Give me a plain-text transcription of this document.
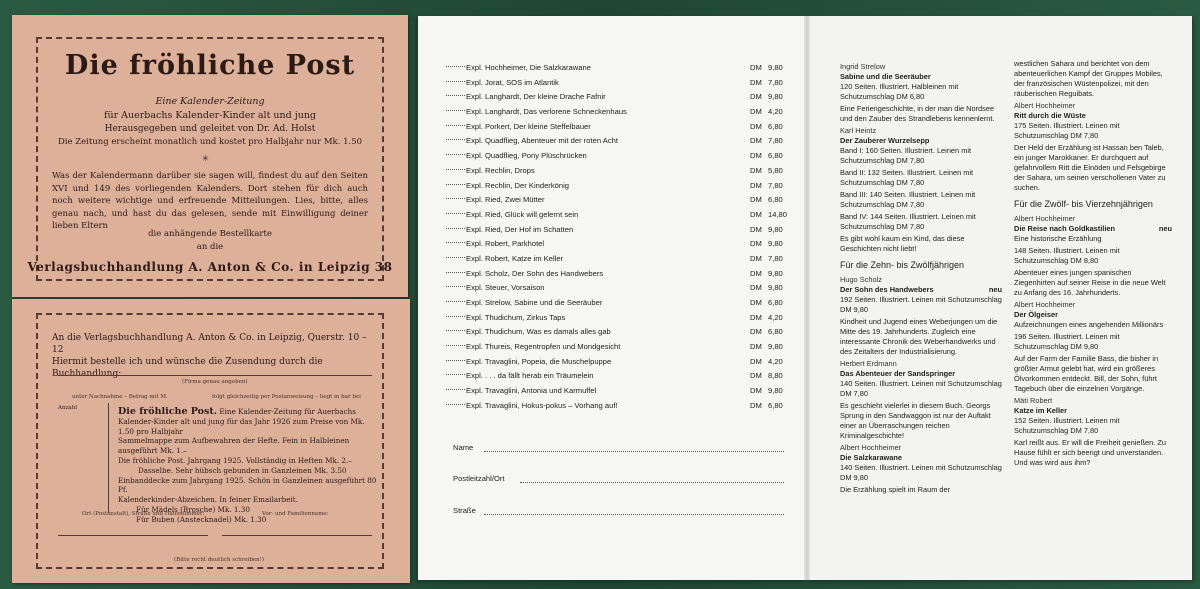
Die fröhliche Post
Eine Kalender-Zeitung
für Auerbachs Kalender-Kinder alt und jung
Herausgegeben und geleitet von Dr. Ad. Holst
Die Zeitung erscheint monatlich und kostet pro Halbjahr nur Mk. 1.50
✳
Was der Kalendermann darüber sie sagen will, findest du auf den Seiten XVI und 149 des vorliegenden Kalenders. Dort stehen für dich auch noch weitere wichtige und erfreuende Mitteilungen. Lies, bitte, alles genau nach, und hast du das gelesen, sende mit Einwilligung deiner lieben Eltern
die anhängende Bestellkarte
an die
Verlagsbuchhandlung A. Anton & Co. in Leipzig 38
An die Verlagsbuchhandlung A. Anton & Co. in Leipzig, Querstr. 10 – 12
Hiermit bestelle ich und wünsche die Zusendung durch die Buchhandlung:
(Firma genau angeben)
unter Nachnahme – Betrag mit M.	folgt gleichzeitig per Postanweisung – liegt in bar bei
Anzahl	Die fröhliche Post. Eine Kalender-Zeitung für Auerbachs Kalender-Kinder alt und jung für das Jahr 1926 zum Preise von Mk. 1.50 pro Halbjahr
Sammelmappe zum Aufbewahren der Hefte. Fein in Halbleinen ausgeführt Mk. 1.–
Die fröhliche Post. Jahrgang 1925. Vollständig in Heften Mk. 2.–
Dasselbe. Sehr hübsch gebunden in Ganzleinen Mk. 3.50
Einbanddecke zum Jahrgang 1925. Schön in Ganzleinen ausgeführt 80 Pf.
Kalenderkinder-Abzeichen. In feiner Emailarbeit.
Für Mädels (Brosche) Mk. 1.30
Für Buben (Anstecknadel) Mk. 1.30
Ort (Postanstalt), Straße und Hausnummer:	Vor- und Familienname:
(Bitte recht deutlich schreiben!)
Expl. Hochheimer, Die Salzkarawane	DM 9,80
Expl. Jorat, SOS im Atlantik	DM 7,80
Expl. Langhardt, Der kleine Drache Fafnir	DM 9,80
Expl. Langhardt, Das verlorene Schneckenhaus	DM 4,20
Expl. Porkert, Der kleine Steffelbauer	DM 6,80
Expl. Quadflieg, Abenteuer mit der roten Acht	DM 7,80
Expl. Quadflieg, Pony Plüschrücken	DM 6,80
Expl. Rechlin, Drops	DM 5,80
Expl. Rechlin, Der Kinderkönig	DM 7,80
Expl. Ried, Zwei Mütter	DM 6,80
Expl. Ried, Glück will gelernt sein	DM 14,80
Expl. Ried, Der Hof im Schatten	DM 9,80
Expl. Robert, Parkhotel	DM 9,80
Expl. Robert, Katze im Keller	DM 7,80
Expl. Scholz, Der Sohn des Handwebers	DM 9,80
Expl. Steuer, Vorsaison	DM 9,80
Expl. Strelow, Sabine und die Seeräuber	DM 6,80
Expl. Thudichum, Zirkus Taps	DM 4,20
Expl. Thudichum, Was es damals alles gab	DM 6,80
Expl. Thureis, Regentropfen und Mondgesicht	DM 9,80
Expl. Travaglini, Popeia, die Muschelpuppe	DM 4,20
Expl. . . . da fällt herab ein Träumelein	DM 8,80
Expl. Travaglini, Antonia und Karmuffel	DM 9,80
Expl. Travaglini, Hokus-pokus – Vorhang auf!	DM 6,80
Name
Postleitzahl/Ort
Straße
Ingrid Strelow
Sabine und die Seeräuber
120 Seiten. Illustriert. Halbleinen mit Schutzumschlag DM 6,80
Eine Feriengeschichte, in der man die Nordsee und den Zauber des Strandlebens kennenlernt.
Karl Heintz
Der Zauberer Wurzelsepp
Band I: 160 Seiten. Illustriert. Leinen mit Schutzumschlag DM 7,80
Band II: 132 Seiten. Illustriert. Leinen mit Schutzumschlag DM 7,80
Band III: 140 Seiten. Illustriert. Leinen mit Schutzumschlag DM 7,80
Band IV: 144 Seiten. Illustriert. Leinen mit Schutzumschlag DM 7,80
Es gibt wohl kaum ein Kind, das diese Geschichten nicht liebt!
Für die Zehn- bis Zwölfjährigen
Hugo Scholz
neu
Der Sohn des Handwebers
192 Seiten. Illustriert. Leinen mit Schutzumschlag DM 9,80
Kindheit und Jugend eines Weberjungen um die Mitte des 19. Jahrhunderts. Zugleich eine interessante Chronik des Weberhandwerks und des Zeitalters der Industrialisierung.
Herbert Erdmann
Das Abenteuer der Sandspringer
140 Seiten. Illustriert. Leinen mit Schutzumschlag DM 7,80
Es geschieht vielerlei in diesem Buch. Georgs Sprung in den Sandwaggon ist nur der Auftakt einer an Überraschungen reichen Kriminalgeschichte!
Albert Hochheimer
Die Salzkarawane
140 Seiten. Illustriert. Leinen mit Schutzumschlag DM 9,80
Die Erzählung spielt im Raum der
westlichen Sahara und berichtet von dem abenteuerlichen Kampf der Gruppes Mobiles, der französischen Wüstenpolizei, mit den räuberischen Reguibats.
Albert Hochheimer
Ritt durch die Wüste
175 Seiten. Illustriert. Leinen mit Schutzumschlag DM 7,80
Der Held der Erzählung ist Hassan ben Taleb, ein junger Marokkaner. Er durchquert auf gefahrvollem Ritt die Einöden und Felsgebirge der Sahara, um seinen verschollenen Vater zu suchen.
Für die Zwölf- bis Vierzehnjährigen
Albert Hochheimer
neu
Die Reise nach Goldkastilien
Eine historische Erzählung
148 Seiten. Illustriert. Leinen mit Schutzumschlag DM 8,80
Abenteuer eines jungen spanischen Ziegenhirten auf seiner Reise in die neue Welt zu Anfang des 16. Jahrhunderts.
Albert Hochheimer
Der Ölgeiser
Aufzeichnungen eines angehenden Millionärs
196 Seiten. Illustriert. Leinen mit Schutzumschlag DM 9,80
Auf der Farm der Familie Bass, die bisher in größter Armut gelebt hat, wird ein größeres Ölvorkommen entdeckt. Bill, der Sohn, führt Tagebuch über die einzelnen Vorgänge.
Mäti Robert
Katze im Keller
152 Seiten. Illustriert. Leinen mit Schutzumschlag DM 7,80
Karl reißt aus. Er will die Freiheit genießen. Zu Hause fühlt er sich beengt und unverstanden. Und was wird aus ihm?
